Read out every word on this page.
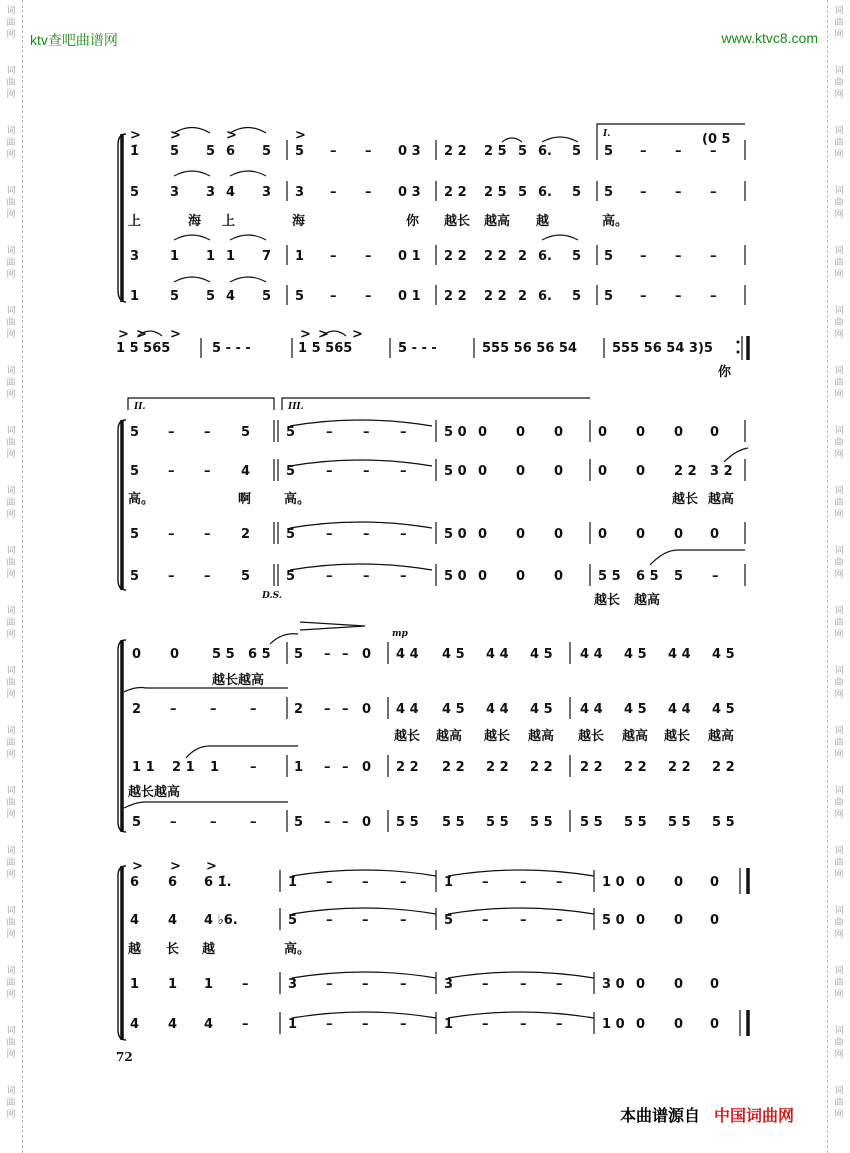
词
曲
网
词
曲
网
词
曲
网
词
曲
网
词
曲
网
词
曲
网
词
曲
网
词
曲
网
词
曲
网
词
曲
网
词
曲
网
词
曲
网
词
曲
网
词
曲
网
词
曲
网
词
曲
网
词
曲
网
词
曲
网
词
曲
网
词
曲
网
词
曲
网
词
曲
网
词
曲
网
词
曲
网
词
曲
网
词
曲
网
词
曲
网
词
曲
网
词
曲
网
词
曲
网
词
曲
网
词
曲
网
词
曲
网
词
曲
网
词
曲
网
词
曲
网
词
曲
网
词
曲
网
ktv查吧曲谱网	www.ktvc8.com
I.	(0 5
1̇ 5 5 6 5 5 – – 0 3 2 2 2 5 5 6. 5 5 – – –
> >	>	>
5 3 3 4 3 3 – – 0 3 2 2 2 5 5 6. 5 5 – – –
上	海 上	海	你 越长 越高 越	高。
3 1 1 1 7 1 – – 0 1 2 2 2 2 2 6. 5 5 – – –
1 5 5 4 5 5 – – 0 1 2 2 2 2 2 6. 5 5 – – –
> > >
1 5 565	5 - - -
> > >
1 5 565	5 - - -	555 56 56 54	555 56 54 3)5
你
II.	III.
D.S.
5 – – 5	5 – – –	5 0 0 0 0	0 0 0 0
5 – – 4	5 – – –	5 0 0 0 0	0 0 2 2 3 2
高。	啊	高。	越长 越高
5 – – 2	5 – – –	5 0 0 0 0	0 0 0 0
5 – – 5	5 – – –	5 0 0 0 0	5 5 6 5 5 –
越长 越高
mp
0 0	5 5 6 5 5 – – 0 4 4 4 5 4 4 4 5 4 4 4 5 4 4 4 5
越长越高
2 –	–	–	2 – – 0 4 4 4 5 4 4 4 5 4 4 4 5 4 4 4 5
越长 越高 越长 越高 越长 越高 越长 越高
1 1 2 1 1 –	1 – – 0 2 2 2 2 2 2 2 2 2 2 2 2 2 2 2 2
越长越高
5 –	–	–	5 – – 0 5 5 5 5 5 5 5 5 5 5 5 5 5 5 5 5
> > >
6 6 6 1̇.	1̇ – – –	1̇ – – –	1 0 0 0 0
4 4 4 ♭6.	5 – – –	5 – – –	5 0 0 0 0
越 长 越	高。
1 1 1 –	3 – – –	3 – – –	3 0 0 0 0
4 4 4 –	1 – – –	1 – – –	1 0 0 0 0
72
本曲谱源自 中国词曲网
